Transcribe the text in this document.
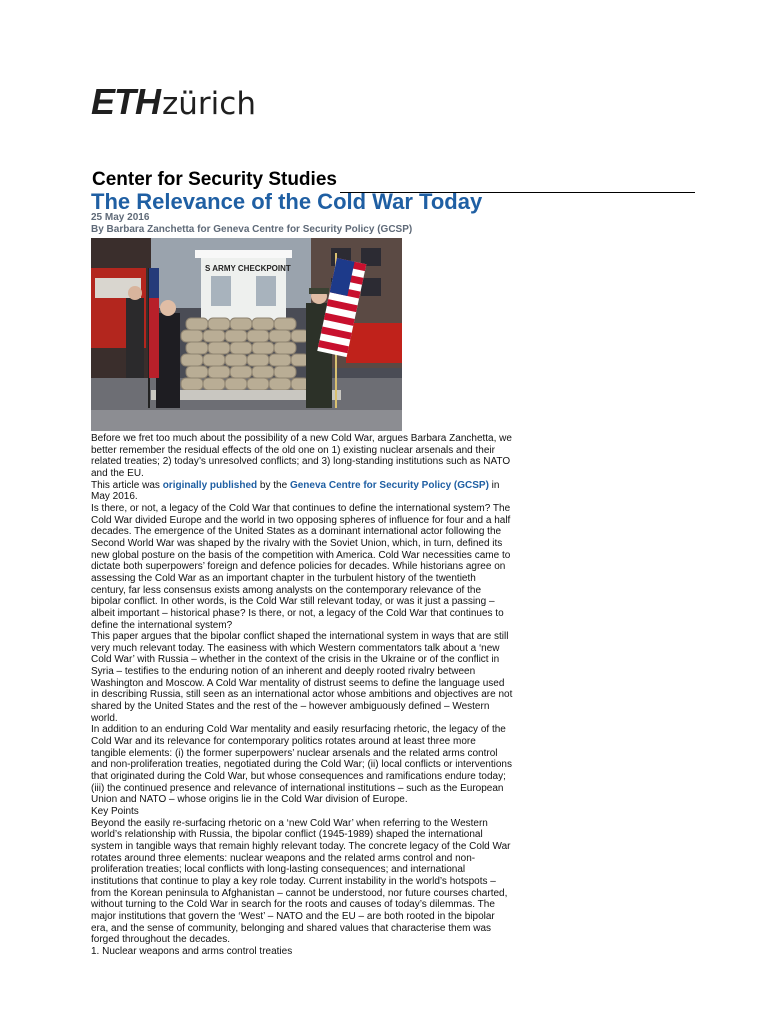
ETHzürich
Center for Security Studies
The Relevance of the Cold War Today
25 May 2016
By Barbara Zanchetta for Geneva Centre for Security Policy (GCSP)
S ARMY CHECKPOINT

Before we fret too much about the possibility of a new Cold War, argues Barbara Zanchetta, we better remember the residual effects of the old one on 1) existing nuclear arsenals and their related treaties; 2) today’s unresolved conflicts; and 3) long-standing institutions such as NATO and the EU.

This article was originally published by the Geneva Centre for Security Policy (GCSP) in May 2016.

Is there, or not, a legacy of the Cold War that continues to define the international system? The Cold War divided Europe and the world in two opposing spheres of influence for four and a half decades. The emergence of the United States as a dominant international actor following the Second World War was shaped by the rivalry with the Soviet Union, which, in turn, defined its new global posture on the basis of the competition with America. Cold War necessities came to dictate both superpowers’ foreign and defence policies for decades. While historians agree on assessing the Cold War as an important chapter in the turbulent history of the twentieth century, far less consensus exists among analysts on the contemporary relevance of the bipolar conflict. In other words, is the Cold War still relevant today, or was it just a passing – albeit important – historical phase? Is there, or not, a legacy of the Cold War that continues to define the international system?

This paper argues that the bipolar conflict shaped the international system in ways that are still very much relevant today. The easiness with which Western commentators talk about a ‘new Cold War’ with Russia – whether in the context of the crisis in the Ukraine or of the conflict in Syria – testifies to the enduring notion of an inherent and deeply rooted rivalry between Washington and Moscow. A Cold War mentality of distrust seems to define the language used in describing Russia, still seen as an international actor whose ambitions and objectives are not shared by the United States and the rest of the – however ambiguously defined – Western world.

In addition to an enduring Cold War mentality and easily resurfacing rhetoric, the legacy of the Cold War and its relevance for contemporary politics rotates around at least three more tangible elements: (i) the former superpowers’ nuclear arsenals and the related arms control and non-proliferation treaties, negotiated during the Cold War; (ii) local conflicts or interventions that originated during the Cold War, but whose consequences and ramifications endure today; (iii) the continued presence and relevance of international institutions – such as the European Union and NATO – whose origins lie in the Cold War division of Europe.

Key Points

Beyond the easily re-surfacing rhetoric on a ‘new Cold War’ when referring to the Western world’s relationship with Russia, the bipolar conflict (1945-1989) shaped the international system in tangible ways that remain highly relevant today. The concrete legacy of the Cold War rotates around three elements: nuclear weapons and the related arms control and non-proliferation treaties; local conflicts with long-lasting consequences; and international institutions that continue to play a key role today. Current instability in the world’s hotspots – from the Korean peninsula to Afghanistan – cannot be understood, nor future courses charted, without turning to the Cold War in search for the roots and causes of today’s dilemmas. The major institutions that govern the ‘West’ – NATO and the EU – are both rooted in the bipolar era, and the sense of community, belonging and shared values that characterise them was forged throughout the decades.

1. Nuclear weapons and arms control treaties
